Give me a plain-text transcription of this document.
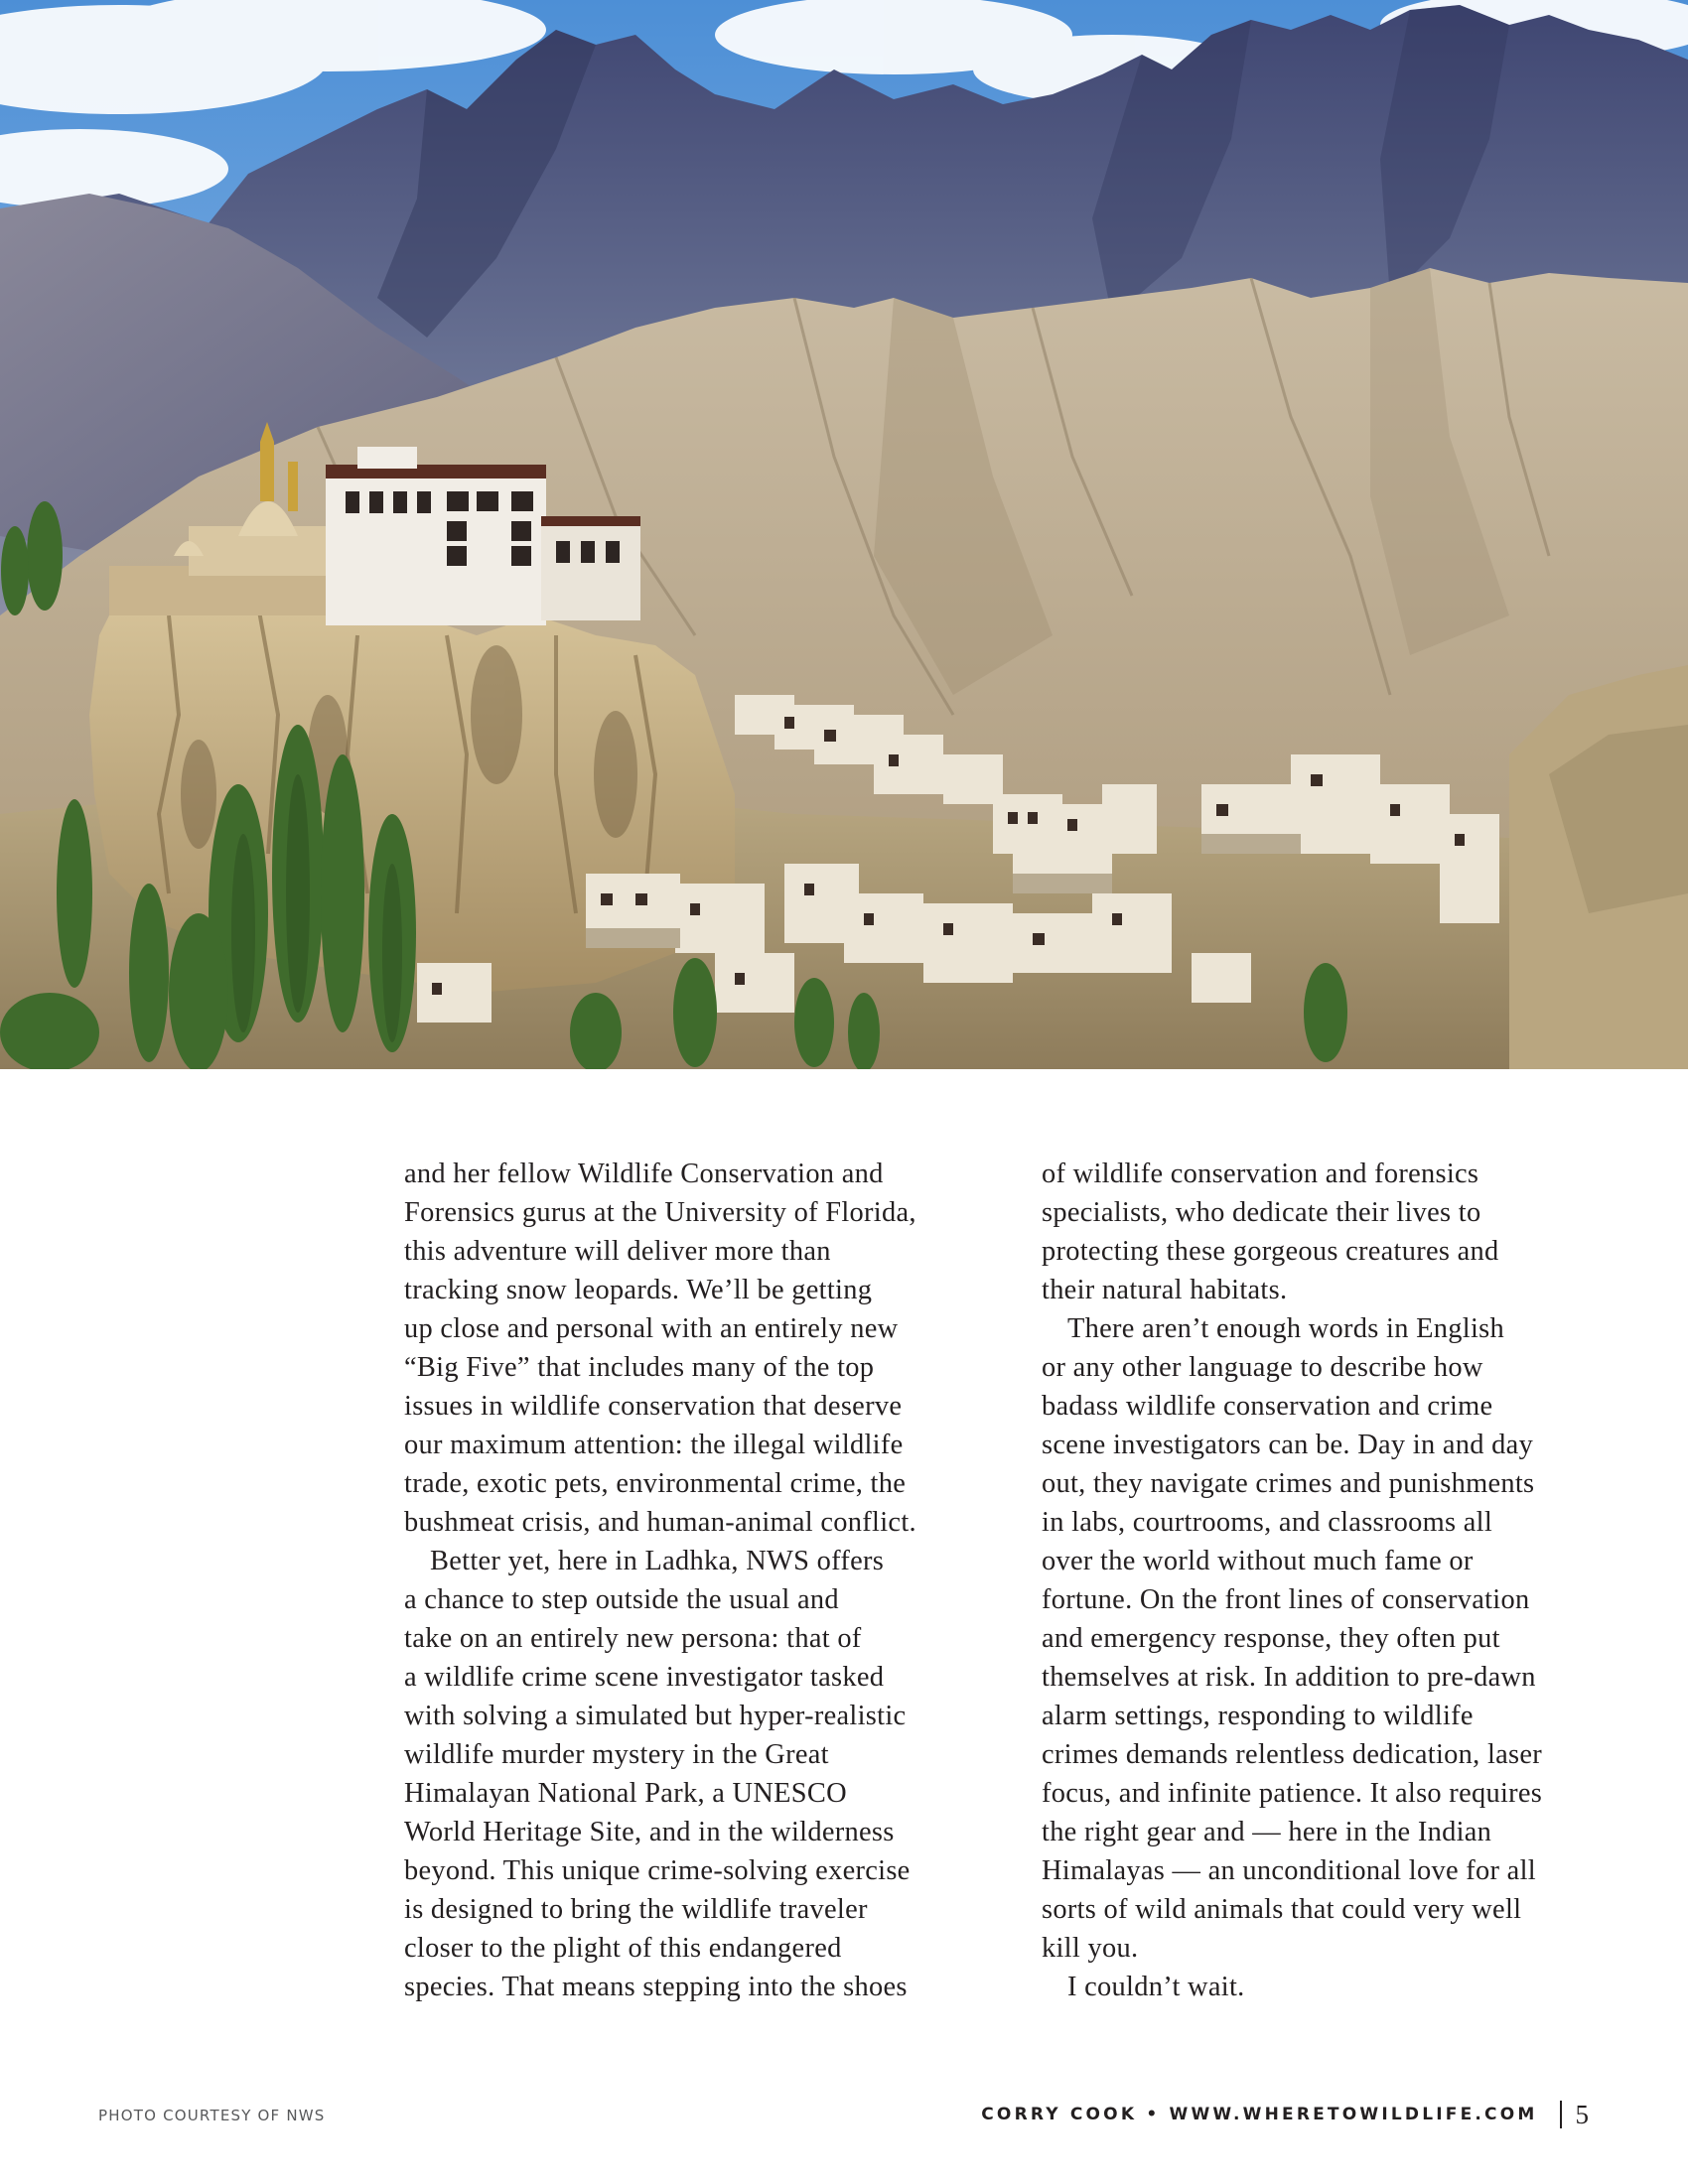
and her fellow Wildlife Conservation and

Forensics gurus at the University of Florida,

this adventure will deliver more than

tracking snow leopards. We’ll be getting

up close and personal with an entirely new

“Big Five” that includes many of the top

issues in wildlife conservation that deserve

our maximum attention: the illegal wildlife

trade, exotic pets, environmental crime, the

bushmeat crisis, and human-animal conflict.

Better yet, here in Ladhka, NWS offers

a chance to step outside the usual and

take on an entirely new persona: that of

a wildlife crime scene investigator tasked

with solving a simulated but hyper-realistic

wildlife murder mystery in the Great

Himalayan National Park, a UNESCO

World Heritage Site, and in the wilderness

beyond. This unique crime-solving exercise

is designed to bring the wildlife traveler

closer to the plight of this endangered

species. That means stepping into the shoes

of wildlife conservation and forensics

specialists, who dedicate their lives to

protecting these gorgeous creatures and

their natural habitats.

There aren’t enough words in English

or any other language to describe how

badass wildlife conservation and crime

scene investigators can be. Day in and day

out, they navigate crimes and punishments

in labs, courtrooms, and classrooms all

over the world without much fame or

fortune. On the front lines of conservation

and emergency response, they often put

themselves at risk. In addition to pre-dawn

alarm settings, responding to wildlife

crimes demands relentless dedication, laser

focus, and infinite patience. It also requires

the right gear and — here in the Indian

Himalayas — an unconditional love for all

sorts of wild animals that could very well

kill you.

I couldn’t wait.

PHOTO COURTESY OF NWS	CORRY COOK • WWW.WHERETOWILDLIFE.COM 5
